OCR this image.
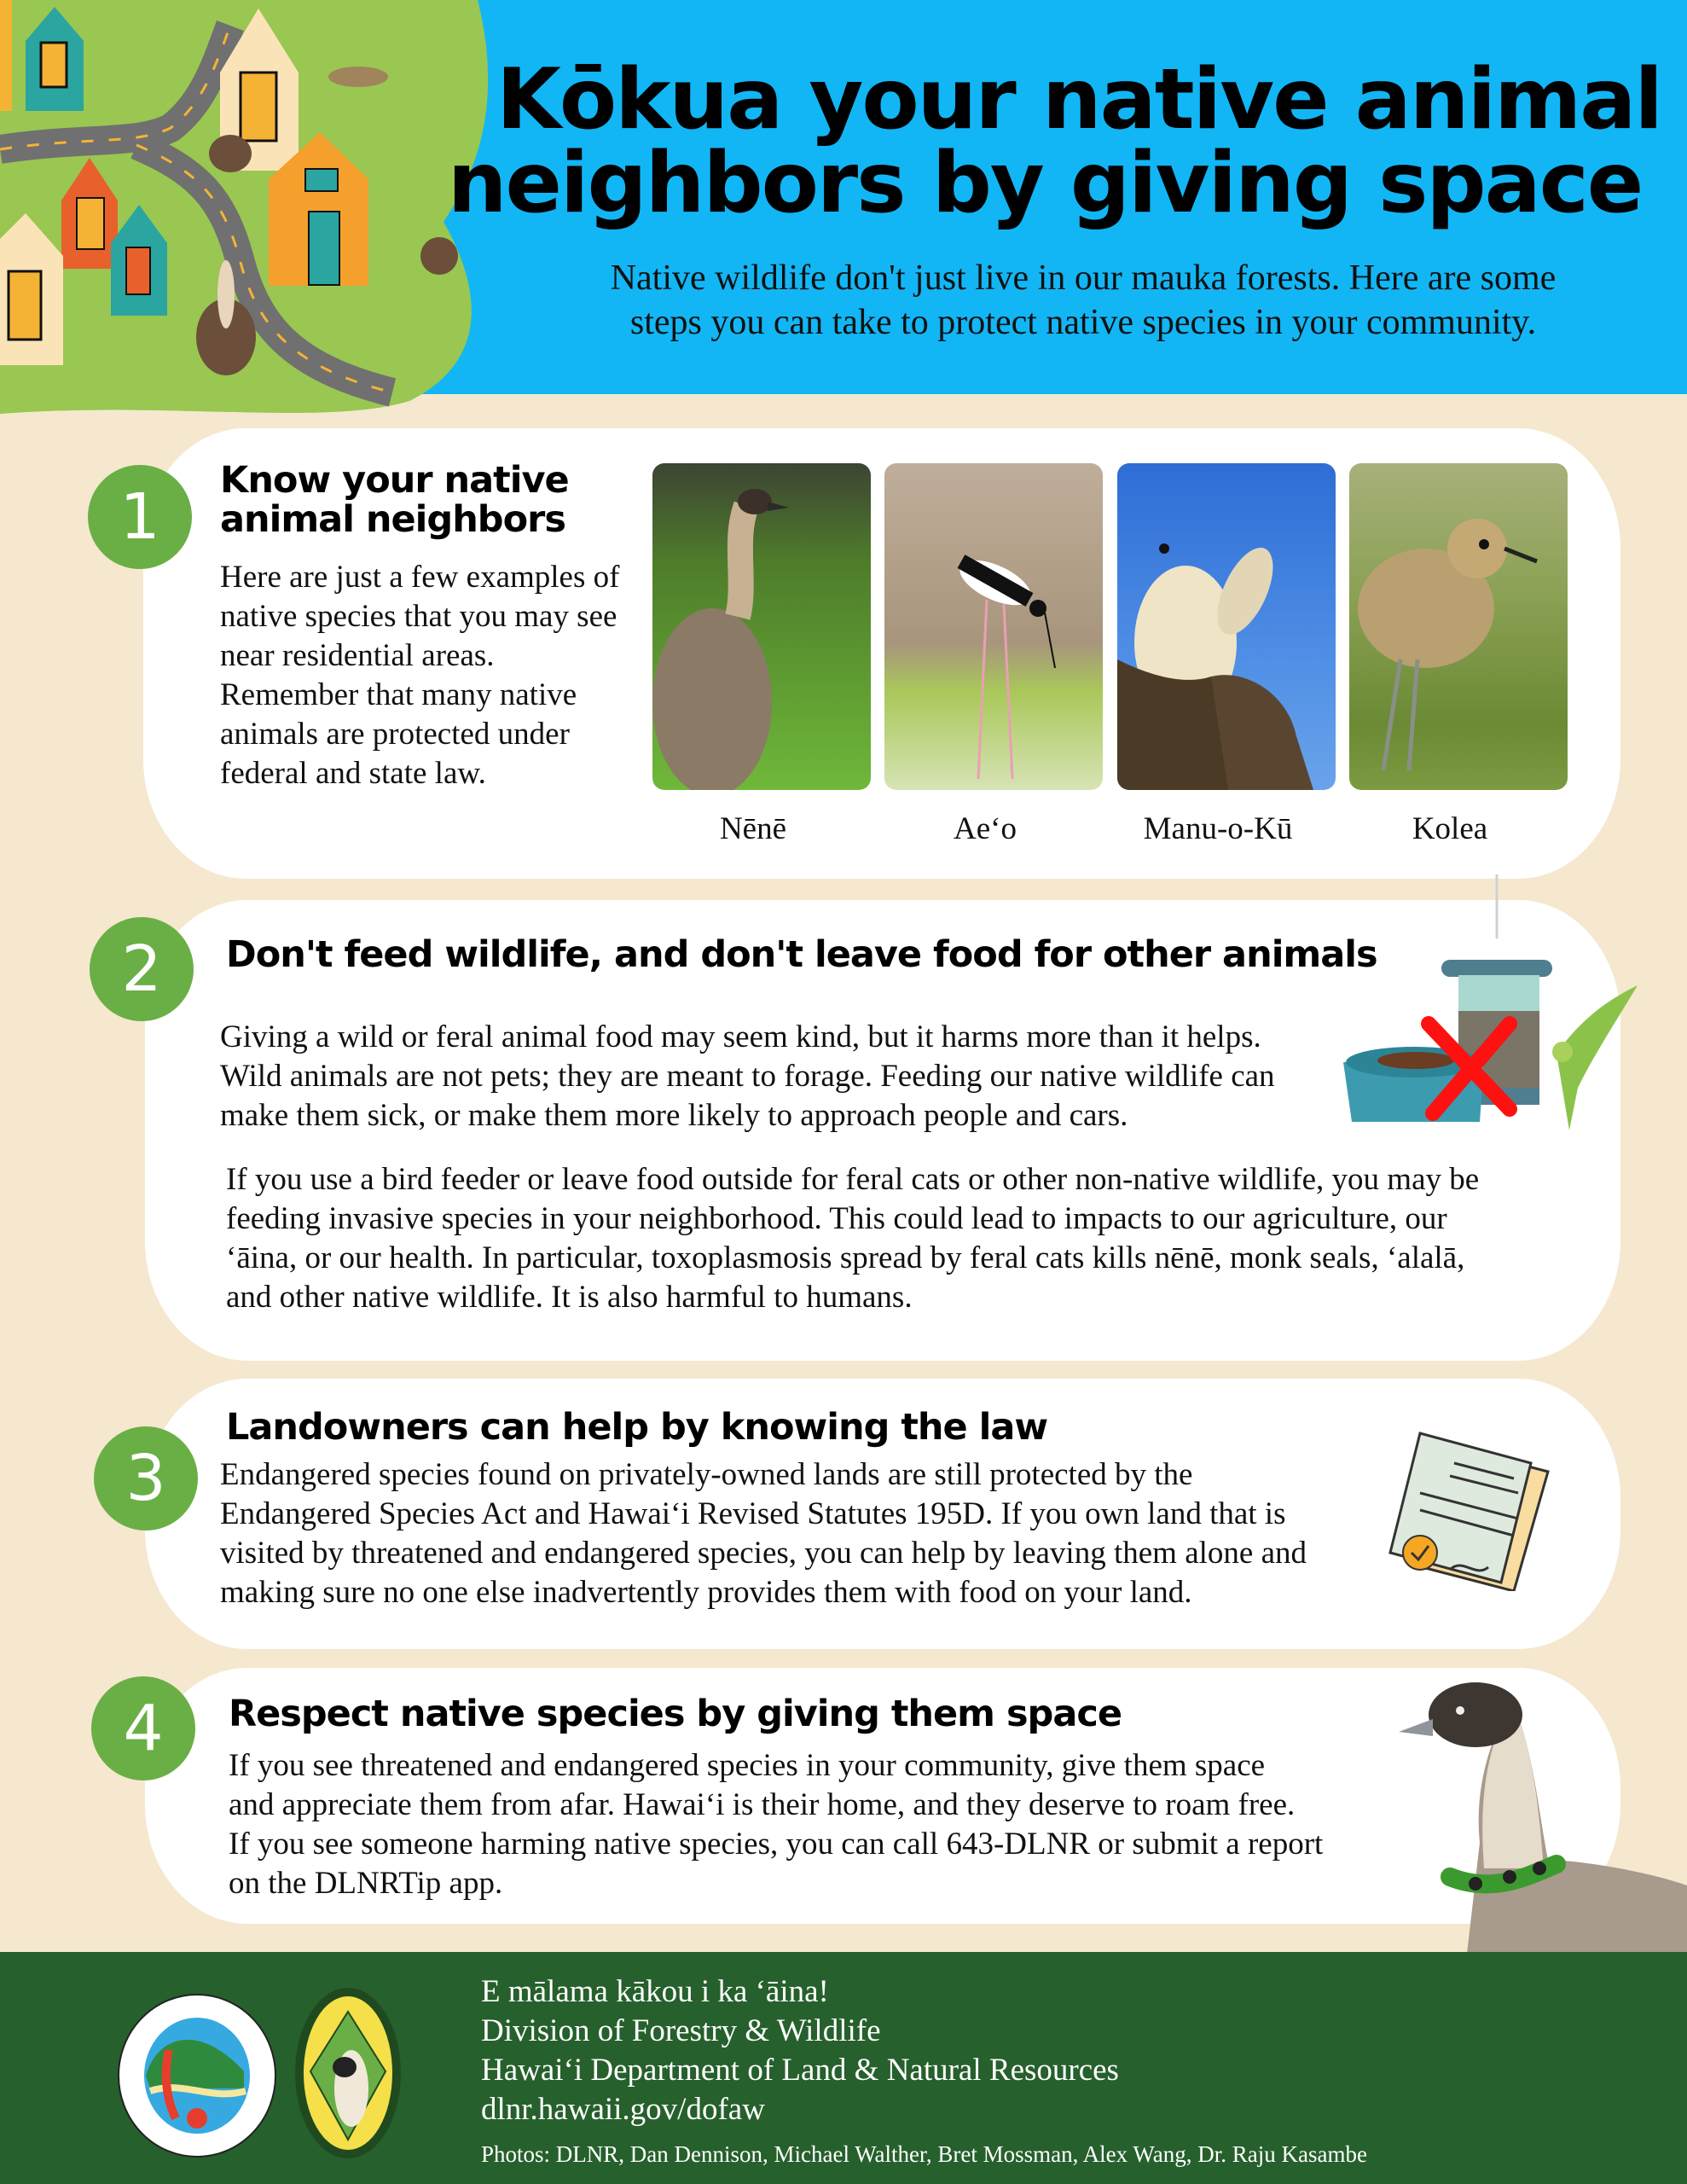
Kōkua your native animal
neighbors by giving space
Native wildlife don't just live in our mauka forests. Here are some
steps you can take to protect native species in your community.
1	Know your native
animal neighbors
Here are just a few examples of
native species that you may see
near residential areas.
Remember that many native
animals are protected under
federal and state law.
Nēnē	Aeʻo	Manu-o-Kū	Kolea
2	Don't feed wildlife, and don't leave food for other animals
Giving a wild or feral animal food may seem kind, but it harms more than it helps.
Wild animals are not pets; they are meant to forage. Feeding our native wildlife can
make them sick, or make them more likely to approach people and cars.
If you use a bird feeder or leave food outside for feral cats or other non-native wildlife, you may be
feeding invasive species in your neighborhood. This could lead to impacts to our agriculture, our
ʻāina, or our health. In particular, toxoplasmosis spread by feral cats kills nēnē, monk seals, ʻalalā,
and other native wildlife. It is also harmful to humans.
3
Landowners can help by knowing the law
Endangered species found on privately-owned lands are still protected by the
Endangered Species Act and Hawaiʻi Revised Statutes 195D. If you own land that is
visited by threatened and endangered species, you can help by leaving them alone and
making sure no one else inadvertently provides them with food on your land.
4	Respect native species by giving them space
If you see threatened and endangered species in your community, give them space
and appreciate them from afar. Hawaiʻi is their home, and they deserve to roam free.
If you see someone harming native species, you can call 643-DLNR or submit a report
on the DLNRTip app.
E mālama kākou i ka ʻāina!
Division of Forestry & Wildlife
Hawaiʻi Department of Land & Natural Resources
dlnr.hawaii.gov/dofaw
Photos: DLNR, Dan Dennison, Michael Walther, Bret Mossman, Alex Wang, Dr. Raju Kasambe
